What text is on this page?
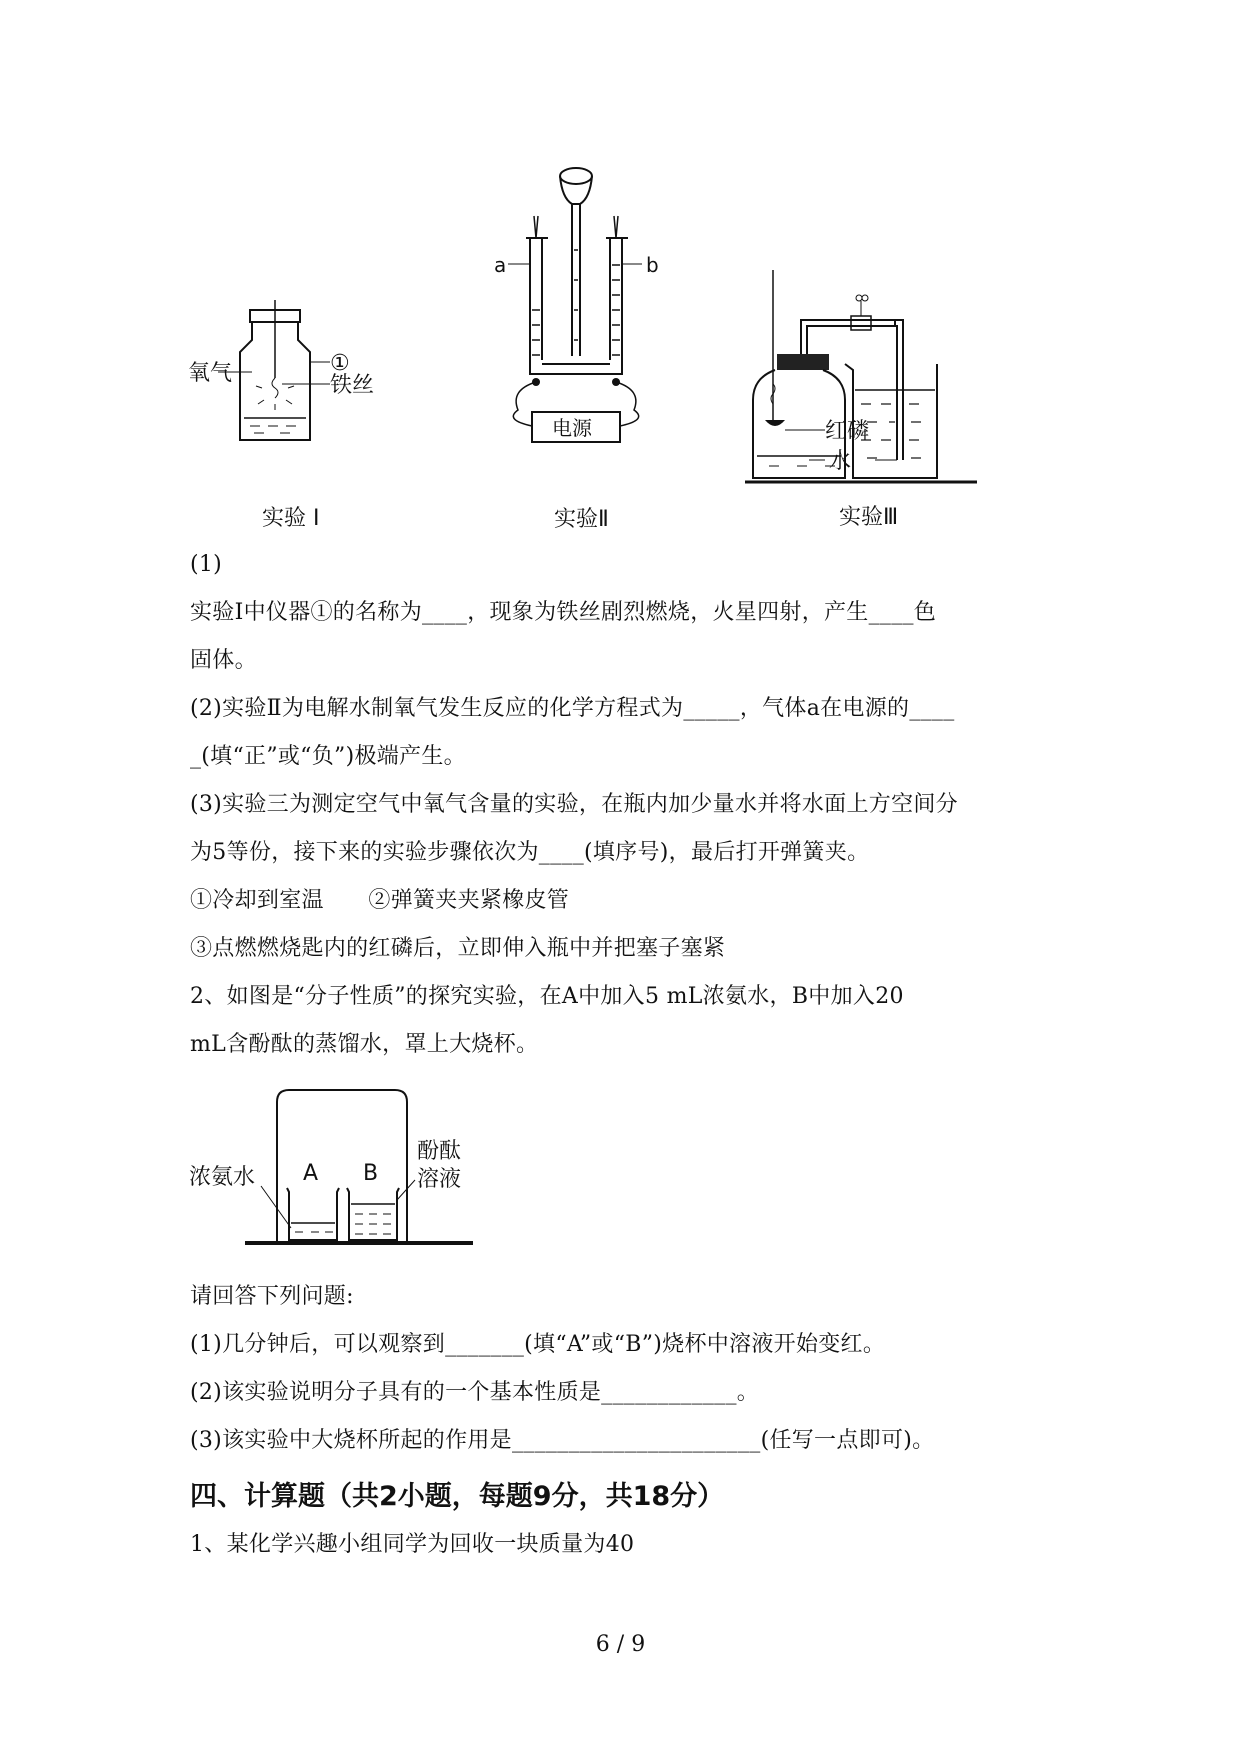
氧气	①
铁丝
实验 I
电源
a	b
实验Ⅱ
红磷
水
实验Ⅲ
(1)
实验I中仪器①的名称为____，现象为铁丝剧烈燃烧，火星四射，产生____色
固体。
(2)实验Ⅱ为电解水制氧气发生反应的化学方程式为_____，气体a在电源的____
_(填“正”或“负”)极端产生。
(3)实验三为测定空气中氧气含量的实验，在瓶内加少量水并将水面上方空间分
为5等份，接下来的实验步骤依次为____(填序号)，最后打开弹簧夹。
①冷却到室温　　②弹簧夹夹紧橡皮管
③点燃燃烧匙内的红磷后，立即伸入瓶中并把塞子塞紧
2、如图是“分子性质”的探究实验，在A中加入5 mL浓氨水，B中加入20
mL含酚酞的蒸馏水，罩上大烧杯。
A B
浓氨水
酚酞
溶液
请回答下列问题:
(1)几分钟后，可以观察到_______(填“A”或“B”)烧杯中溶液开始变红。
(2)该实验说明分子具有的一个基本性质是____________。
(3)该实验中大烧杯所起的作用是______________________(任写一点即可)。
四、计算题（共2小题，每题9分，共18分）
1、某化学兴趣小组同学为回收一块质量为40
6 / 9
